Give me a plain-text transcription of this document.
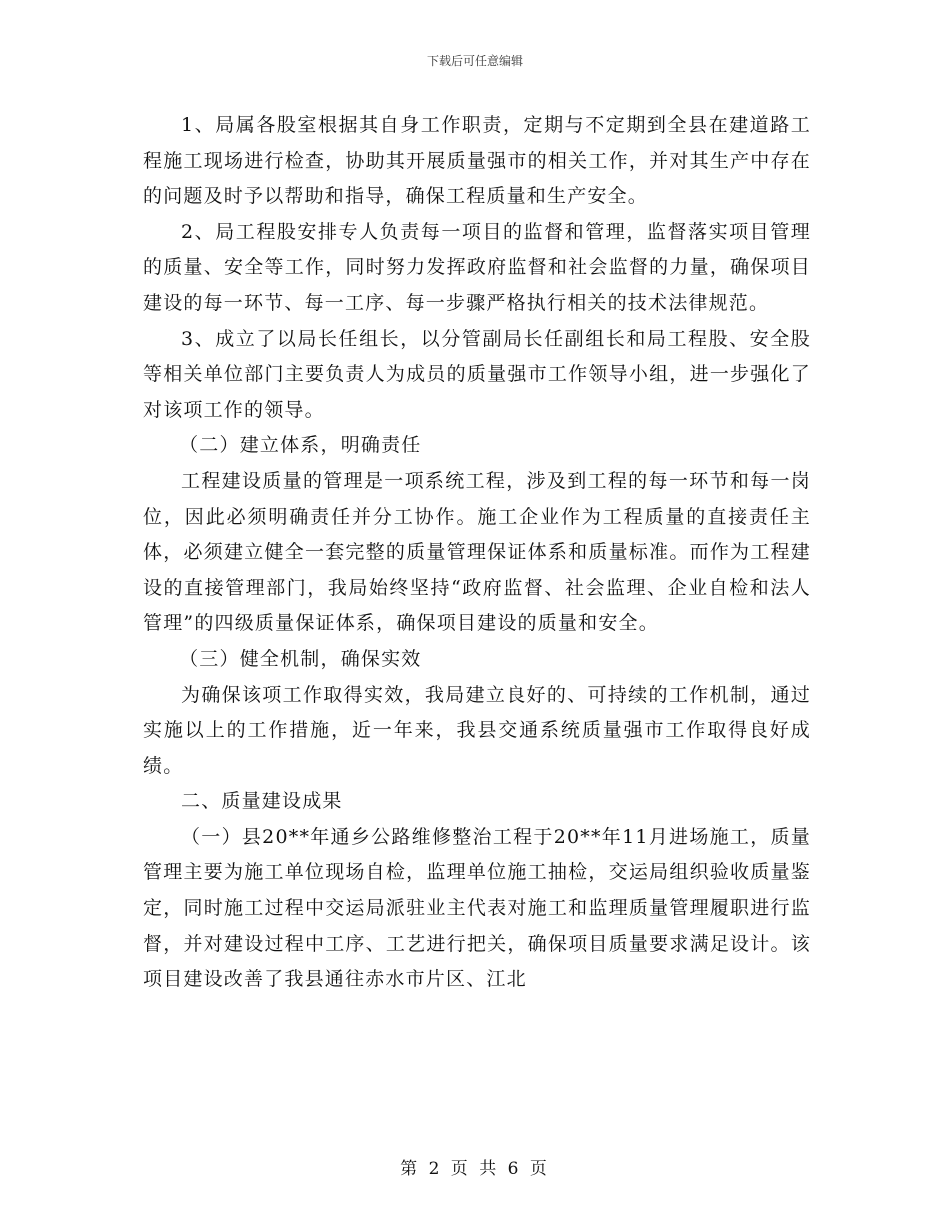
下载后可任意编辑

1、局属各股室根据其自身工作职责，定期与不定期到全县在建道路工程施工现场进行检查，协助其开展质量强市的相关工作，并对其生产中存在的问题及时予以帮助和指导，确保工程质量和生产安全。

2、局工程股安排专人负责每一项目的监督和管理，监督落实项目管理的质量、安全等工作，同时努力发挥政府监督和社会监督的力量，确保项目建设的每一环节、每一工序、每一步骤严格执行相关的技术法律规范。

3、成立了以局长任组长，以分管副局长任副组长和局工程股、安全股等相关单位部门主要负责人为成员的质量强市工作领导小组，进一步强化了对该项工作的领导。

（二）建立体系，明确责任

工程建设质量的管理是一项系统工程，涉及到工程的每一环节和每一岗位，因此必须明确责任并分工协作。施工企业作为工程质量的直接责任主体，必须建立健全一套完整的质量管理保证体系和质量标准。而作为工程建设的直接管理部门，我局始终坚持“政府监督、社会监理、企业自检和法人管理”的四级质量保证体系，确保项目建设的质量和安全。

（三）健全机制，确保实效

为确保该项工作取得实效，我局建立良好的、可持续的工作机制，通过实施以上的工作措施，近一年来，我县交通系统质量强市工作取得良好成绩。

二、质量建设成果

（一）县20**年通乡公路维修整治工程于20**年11月进场施工，质量管理主要为施工单位现场自检，监理单位施工抽检，交运局组织验收质量鉴定，同时施工过程中交运局派驻业主代表对施工和监理质量管理履职进行监督，并对建设过程中工序、工艺进行把关，确保项目质量要求满足设计。该项目建设改善了我县通往赤水市片区、江北

第 2 页 共 6 页
